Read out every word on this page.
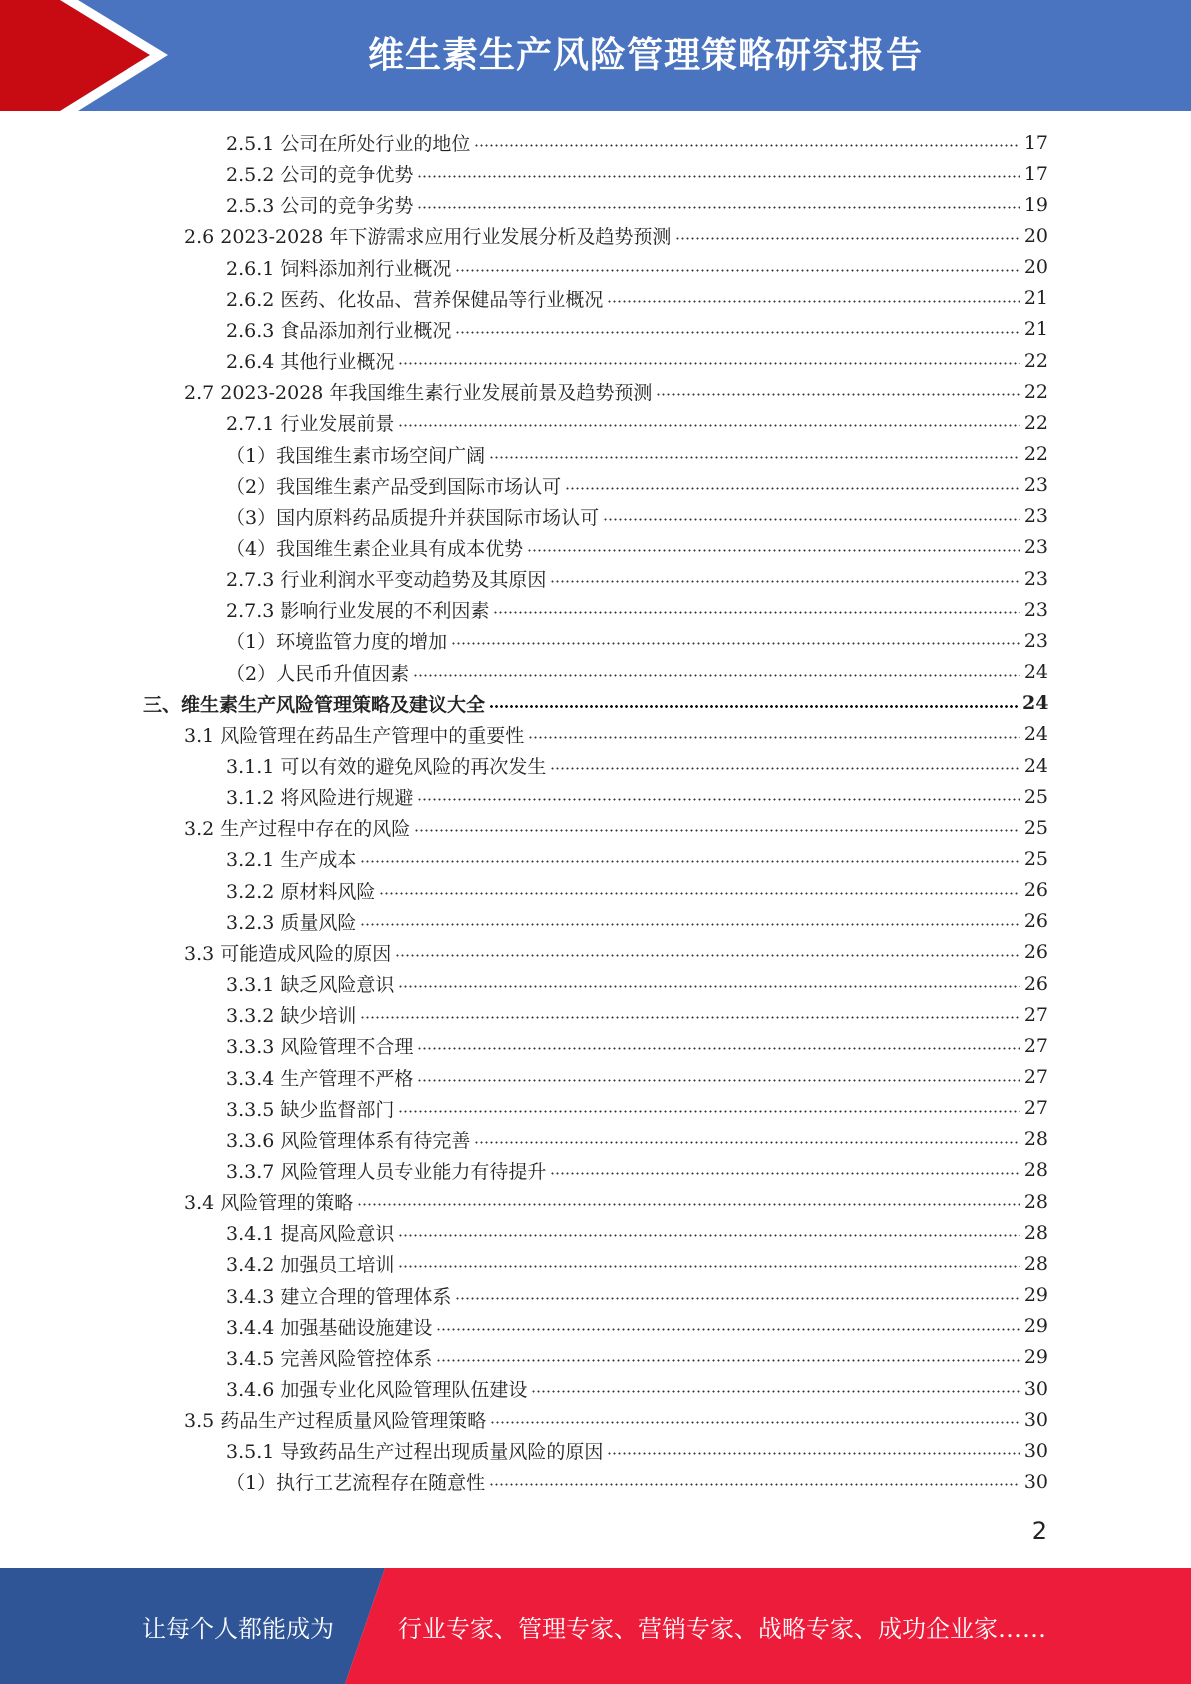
维生素生产风险管理策略研究报告
2.5.1 公司在所处行业的地位	17
2.5.2 公司的竞争优势	17
2.5.3 公司的竞争劣势	19
2.6 2023-2028 年下游需求应用行业发展分析及趋势预测	20
2.6.1 饲料添加剂行业概况	20
2.6.2 医药、化妆品、营养保健品等行业概况	21
2.6.3 食品添加剂行业概况	21
2.6.4 其他行业概况	22
2.7 2023-2028 年我国维生素行业发展前景及趋势预测	22
2.7.1 行业发展前景	22
（1）我国维生素市场空间广阔	22
（2）我国维生素产品受到国际市场认可	23
（3）国内原料药品质提升并获国际市场认可	23
（4）我国维生素企业具有成本优势	23
2.7.3 行业利润水平变动趋势及其原因	23
2.7.3 影响行业发展的不利因素	23
（1）环境监管力度的增加	23
（2）人民币升值因素	24
三、维生素生产风险管理策略及建议大全	24
3.1 风险管理在药品生产管理中的重要性	24
3.1.1 可以有效的避免风险的再次发生	24
3.1.2 将风险进行规避	25
3.2 生产过程中存在的风险	25
3.2.1 生产成本	25
3.2.2 原材料风险	26
3.2.3 质量风险	26
3.3 可能造成风险的原因	26
3.3.1 缺乏风险意识	26
3.3.2 缺少培训	27
3.3.3 风险管理不合理	27
3.3.4 生产管理不严格	27
3.3.5 缺少监督部门	27
3.3.6 风险管理体系有待完善	28
3.3.7 风险管理人员专业能力有待提升	28
3.4 风险管理的策略	28
3.4.1 提高风险意识	28
3.4.2 加强员工培训	28
3.4.3 建立合理的管理体系	29
3.4.4 加强基础设施建设	29
3.4.5 完善风险管控体系	29
3.4.6 加强专业化风险管理队伍建设	30
3.5 药品生产过程质量风险管理策略	30
3.5.1 导致药品生产过程出现质量风险的原因	30
（1）执行工艺流程存在随意性	30
2
让每个人都能成为	行业专家、管理专家、营销专家、战略专家、成功企业家……
